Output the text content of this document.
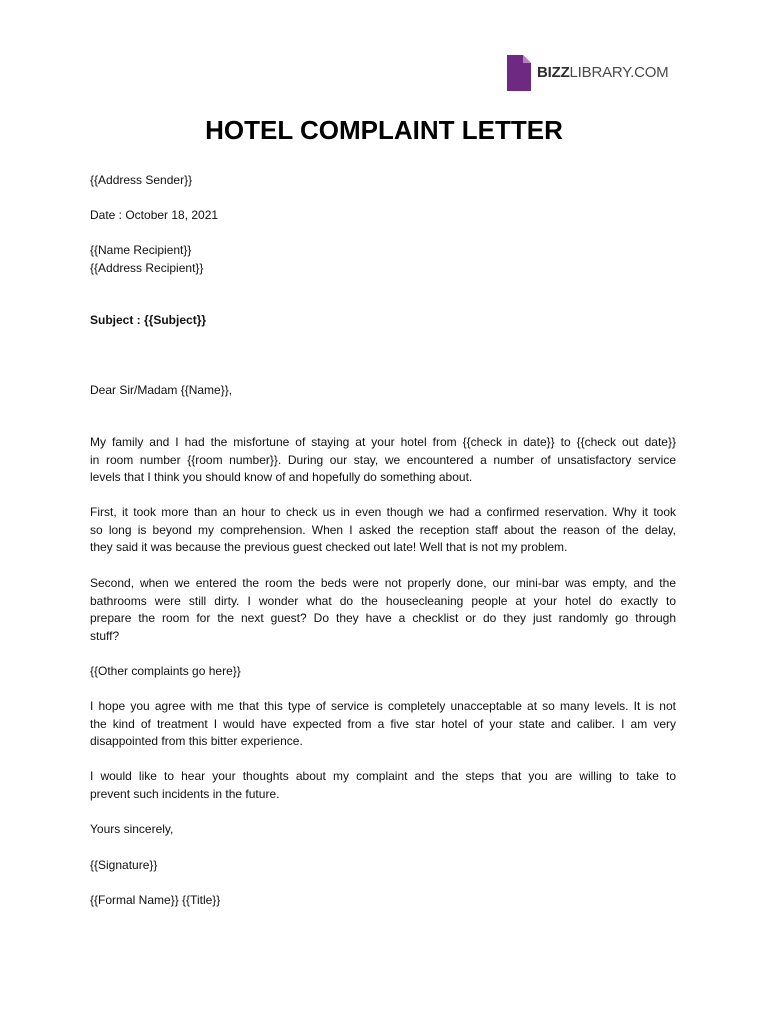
BIZZLIBRARY.COM
HOTEL COMPLAINT LETTER
{{Address Sender}}
Date : October 18, 2021
{{Name Recipient}}
{{Address Recipient}}
Subject : {{Subject}}
Dear Sir/Madam {{Name}},
My family and I had the misfortune of staying at your hotel from {{check in date}} to {{check out date}}
in room number {{room number}}. During our stay, we encountered a number of unsatisfactory service
levels that I think you should know of and hopefully do something about.
First, it took more than an hour to check us in even though we had a confirmed reservation. Why it took
so long is beyond my comprehension. When I asked the reception staff about the reason of the delay,
they said it was because the previous guest checked out late! Well that is not my problem.
Second, when we entered the room the beds were not properly done, our mini-bar was empty, and the
bathrooms were still dirty. I wonder what do the housecleaning people at your hotel do exactly to
prepare the room for the next guest? Do they have a checklist or do they just randomly go through
stuff?
{{Other complaints go here}}
I hope you agree with me that this type of service is completely unacceptable at so many levels. It is not
the kind of treatment I would have expected from a five star hotel of your state and caliber. I am very
disappointed from this bitter experience.
I would like to hear your thoughts about my complaint and the steps that you are willing to take to
prevent such incidents in the future.
Yours sincerely,
{{Signature}}
{{Formal Name}} {{Title}}
